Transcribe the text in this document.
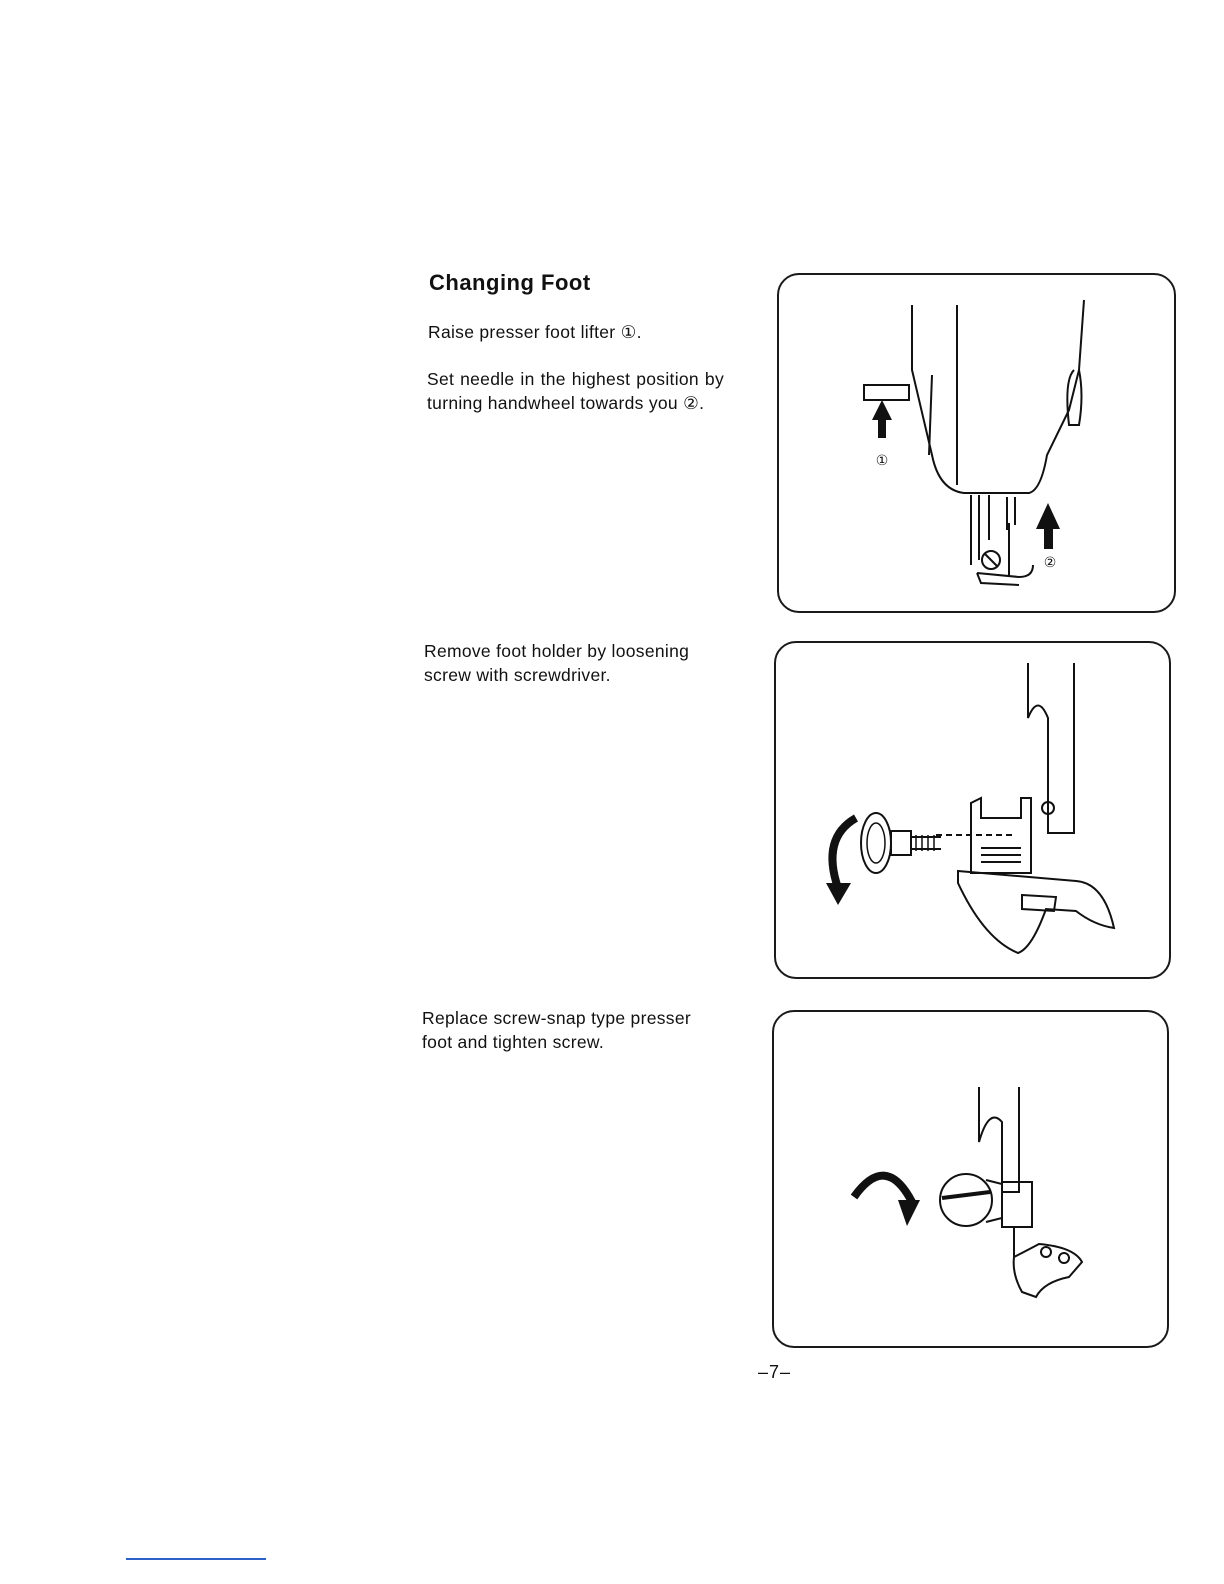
Changing Foot

Raise presser foot lifter ①.

Set needle in the highest position by turning handwheel towards you ②.

Remove foot holder by loosening screw with screwdriver.

Replace screw-snap type presser foot and tighten screw.

①
②

–7–
